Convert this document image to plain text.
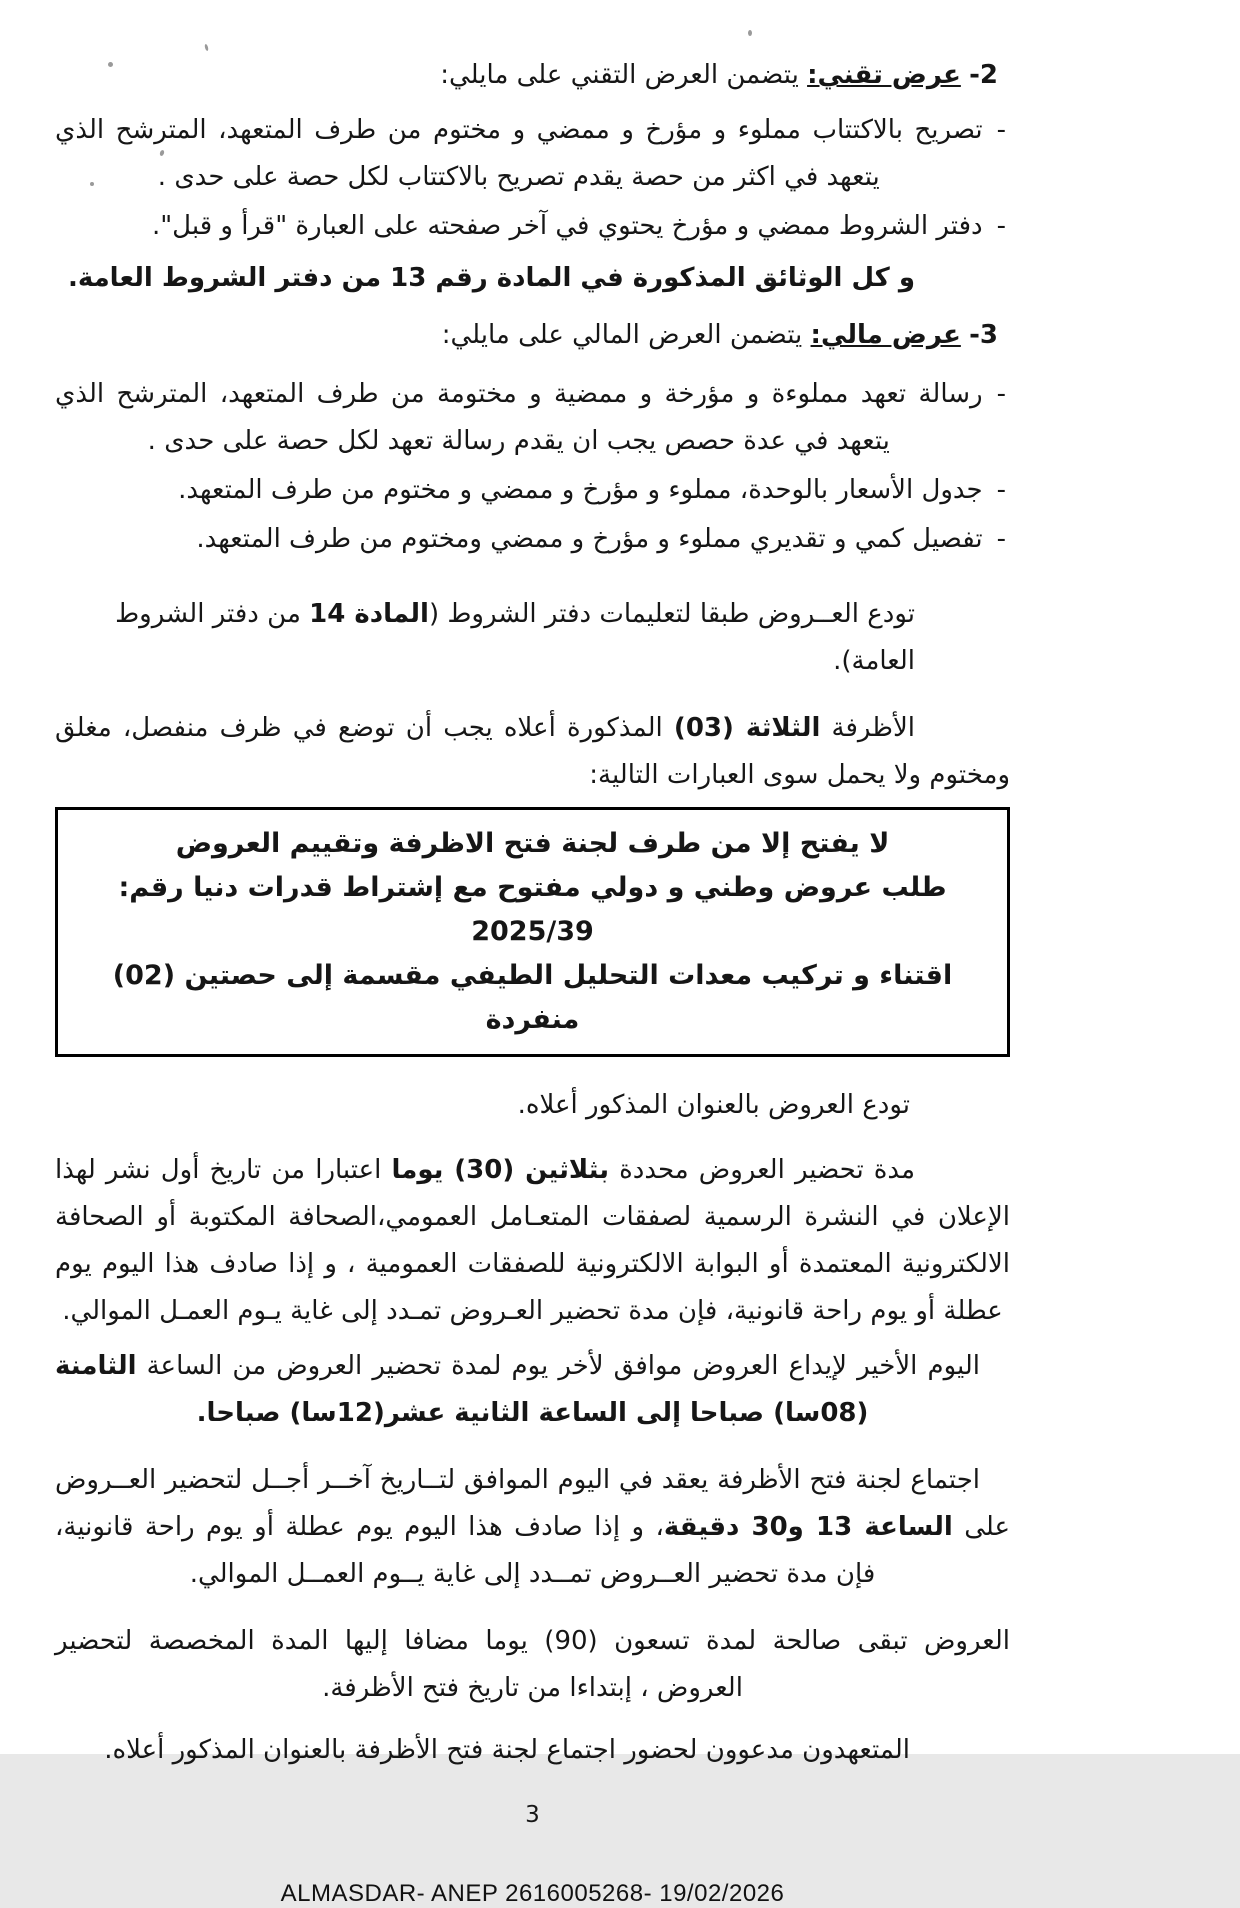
2- عرض تقني: يتضمن العرض التقني على مايلي:

-
تصريح بالاكتتاب مملوء و مؤرخ و ممضي و مختوم من طرف المتعهد، المترشح الذي يتعهد في اكثر من حصة يقدم تصريح بالاكتتاب لكل حصة على حدى .
-
دفتر الشروط ممضي و مؤرخ يحتوي في آخر صفحته على العبارة "قرأ و قبل".

و كل الوثائق المذكورة في المادة رقم 13 من دفتر الشروط العامة.

3- عرض مالي: يتضمن العرض المالي على مايلي:

-
رسالة تعهد مملوءة و مؤرخة و ممضية و مختومة من طرف المتعهد، المترشح الذي يتعهد في عدة حصص يجب ان يقدم رسالة تعهد لكل حصة على حدى .
-
جدول الأسعار بالوحدة، مملوء و مؤرخ و ممضي و مختوم من طرف المتعهد.
-
تفصيل كمي و تقديري مملوء و مؤرخ و ممضي ومختوم من طرف المتعهد.

تودع العــروض طبقا لتعليمات دفتر الشروط (المادة 14 من دفتر الشروط العامة).

الأظرفة الثلاثة (03) المذكورة أعلاه يجب أن توضع في ظرف منفصل، مغلق ومختوم ولا يحمل سوى العبارات التالية:

لا يفتح إلا من طرف لجنة فتح الاظرفة وتقييم العروض

طلب عروض وطني و دولي مفتوح مع إشتراط قدرات دنيا رقم: 2025/39

اقتناء و تركيب معدات التحليل الطيفي مقسمة إلى حصتين (02) منفردة

تودع العروض بالعنوان المذكور أعلاه.

مدة تحضير العروض محددة بثلاثين (30) يوما اعتبارا من تاريخ أول نشر لهذا الإعلان في النشرة الرسمية لصفقات المتعـامل العمومي،الصحافة المكتوبة أو الصحافة الالكترونية المعتمدة أو البوابة الالكترونية للصفقات العمومية ، و إذا صادف هذا اليوم يوم عطلة أو يوم راحة قانونية، فإن مدة تحضير العـروض تمـدد إلى غاية يـوم العمـل الموالي.

اليوم الأخير لإيداع العروض موافق لأخر يوم لمدة تحضير العروض من الساعة الثامنة (08سا) صباحا إلى الساعة الثانية عشر(12سا) صباحا.

اجتماع لجنة فتح الأظرفة يعقد في اليوم الموافق لتــاريخ آخــر أجــل لتحضير العــروض على الساعة 13 و30 دقيقة، و إذا صادف هذا اليوم يوم عطلة أو يوم راحة قانونية، فإن مدة تحضير العــروض تمــدد إلى غاية يــوم العمــل الموالي.

العروض تبقى صالحة لمدة تسعون (90) يوما مضافا إليها المدة المخصصة لتحضير العروض ، إبتداءا من تاريخ فتح الأظرفة.

المتعهدون مدعوون لحضور اجتماع لجنة فتح الأظرفة بالعنوان المذكور أعلاه.

3
ALMASDAR- ANEP 2616005268- 19/02/2026
